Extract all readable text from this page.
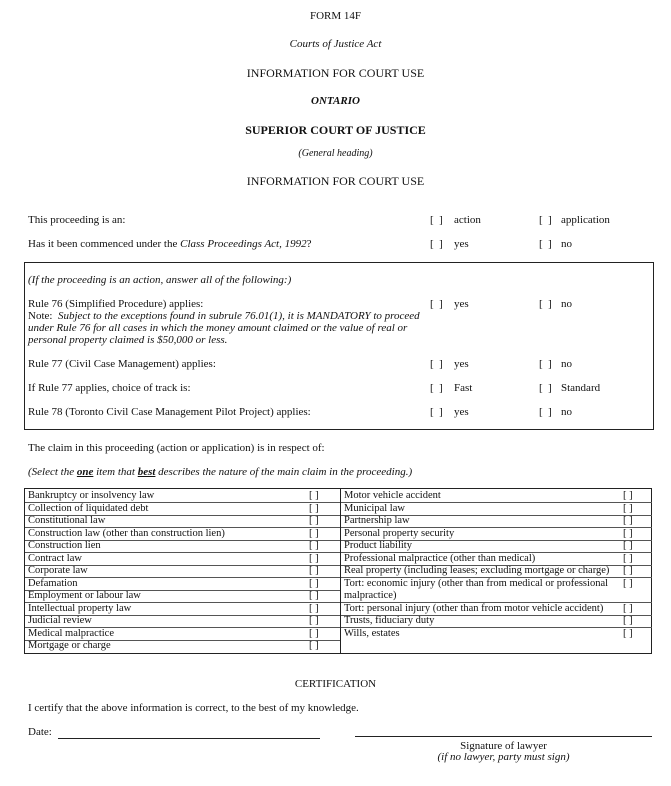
FORM 14F
Courts of Justice Act
INFORMATION FOR COURT USE
ONTARIO
SUPERIOR COURT OF JUSTICE
(General heading)
INFORMATION FOR COURT USE
This proceeding is an:	[  ] action	[  ] application
Has it been commenced under the Class Proceedings Act, 1992?	[  ] yes	[  ] no
(If the proceeding is an action, answer all of the following:)
Rule 76 (Simplified Procedure) applies:
Note: Subject to the exceptions found in subrule 76.01(1), it is MANDATORY to proceed
under Rule 76 for all cases in which the money amount claimed or the value of real or
personal property claimed is $50,000 or less.
[  ] yes	[  ] no
Rule 77 (Civil Case Management) applies:	[  ] yes	[  ] no
If Rule 77 applies, choice of track is:	[  ] Fast	[  ] Standard
Rule 78 (Toronto Civil Case Management Pilot Project) applies:	[  ] yes	[  ] no
The claim in this proceeding (action or application) is in respect of:
(Select the one item that best describes the nature of the main claim in the proceeding.)
Bankruptcy or insolvency law	[ ]
Collection of liquidated debt	[ ]
Constitutional law	[ ]
Construction law (other than construction lien)	[ ]
Construction lien	[ ]
Contract law	[ ]
Corporate law	[ ]
Defamation	[ ]
Employment or labour law	[ ]
Intellectual property law	[ ]
Judicial review	[ ]
Medical malpractice	[ ]
Mortgage or charge	[ ]
Motor vehicle accident	[ ]
Municipal law	[ ]
Partnership law	[ ]
Personal property security	[ ]
Product liability	[ ]
Professional malpractice (other than medical)	[ ]
Real property (including leases; excluding mortgage or charge) [ ]
Tort: economic injury (other than from medical or professional [ ]
malpractice)
Tort: personal injury (other than from motor vehicle accident) [ ]
Trusts, fiduciary duty	[ ]
Wills, estates	[ ]
CERTIFICATION
I certify that the above information is correct, to the best of my knowledge.
Date:
Signature of lawyer
(if no lawyer, party must sign)
